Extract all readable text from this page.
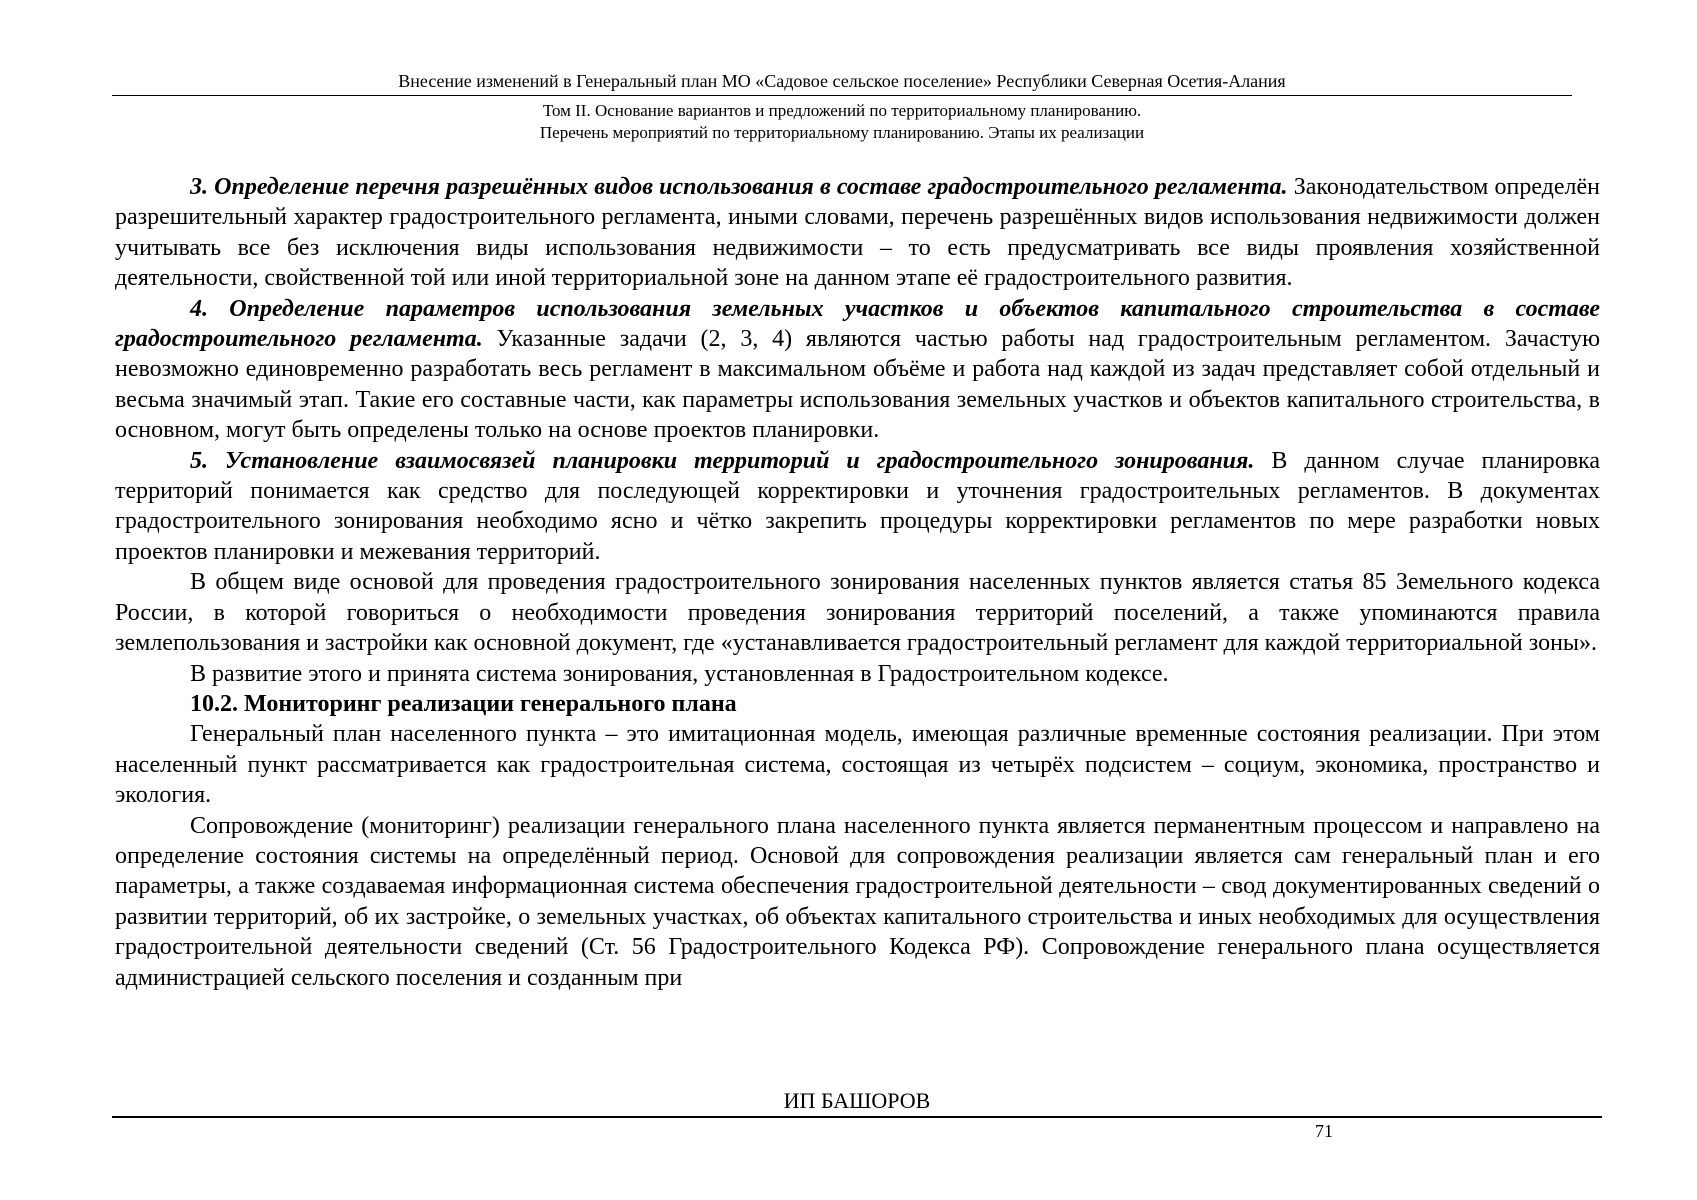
Внесение изменений в Генеральный план МО «Садовое сельское поселение» Республики Северная Осетия-Алания
Том II. Основание вариантов и предложений по территориальному планированию.
Перечень мероприятий по территориальному планированию. Этапы их реализации

3. Определение перечня разрешённых видов использования в составе градостроительного регламента. Законодательством определён разрешительный характер градостроительного регламента, иными словами, перечень разрешённых видов использования недвижимости должен учитывать все без исключения виды использования недвижимости – то есть предусматривать все виды проявления хозяйственной деятельности, свойственной той или иной территориальной зоне на данном этапе её градостроительного развития.

4. Определение параметров использования земельных участков и объектов капитального строительства в составе градостроительного регламента. Указанные задачи (2, 3, 4) являются частью работы над градостроительным регламентом. Зачастую невозможно единовременно разработать весь регламент в максимальном объёме и работа над каждой из задач представляет собой отдельный и весьма значимый этап. Такие его составные части, как параметры использования земельных участков и объектов капитального строительства, в основном, могут быть определены только на основе проектов планировки.

5. Установление взаимосвязей планировки территорий и градостроительного зонирования. В данном случае планировка территорий понимается как средство для последующей корректировки и уточнения градостроительных регламентов. В документах градостроительного зонирования необходимо ясно и чётко закрепить процедуры корректировки регламентов по мере разработки новых проектов планировки и межевания территорий.

В общем виде основой для проведения градостроительного зонирования населенных пунктов является статья 85 Земельного кодекса России, в которой говориться о необходимости проведения зонирования территорий поселений, а также упоминаются правила землепользования и застройки как основной документ, где «устанавливается градостроительный регламент для каждой территориальной зоны».

В развитие этого и принята система зонирования, установленная в Градостроительном кодексе.

10.2. Мониторинг реализации генерального плана

Генеральный план населенного пункта – это имитационная модель, имеющая различные временные состояния реализации. При этом населенный пункт рассматривается как градостроительная система, состоящая из четырёх подсистем – социум, экономика, пространство и экология.

Сопровождение (мониторинг) реализации генерального плана населенного пункта является перманентным процессом и направлено на определение состояния системы на определённый период. Основой для сопровождения реализации является сам генеральный план и его параметры, а также создаваемая информационная система обеспечения градостроительной деятельности – свод документированных сведений о развитии территорий, об их застройке, о земельных участках, об объектах капитального строительства и иных необходимых для осуществления градостроительной деятельности сведений (Ст. 56 Градостроительного Кодекса РФ). Сопровождение генерального плана осуществляется администрацией сельского поселения и созданным при

ИП БАШОРОВ
71
